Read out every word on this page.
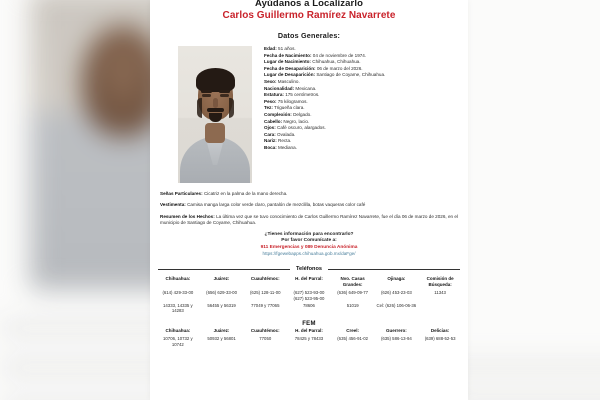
Ayúdanos a Localizarlo
Carlos Guillermo Ramírez Navarrete
Datos Generales:
Edad: 51 años.
Fecha de Nacimiento: 04 de noviembre de 1974.
Lugar de Nacimiento: Chihuahua, Chihuahua.
Fecha de Desaparición: 06 de marzo del 2026.
Lugar de Desaparición: Santiago de Coyame, Chihuahua.
Sexo: Masculino.
Nacionalidad: Mexicana.
Estatura: 175 centímetros.
Peso: 75 kilogramos.
Tez: Trigueña clara.
Complexión: Delgado.
Cabello: Negro, lacio.
Ojos: Café oscuro, alargados.
Cara: Ovalada.
Nariz: Recta.
Boca: Mediana.

Señas Particulares: Cicatriz en la palma de la mano derecha.

Vestimenta: Camisa manga larga color verde claro, pantalón de mezclilla, botas vaqueras color café

Resumen de los Hechos: La última vez que se tuvo conocimiento de Carlos Guillermo Ramírez Navarrete, fue el día 06 de marzo de 2026, en el municipio de Santiago de Coyame, Chihuahua.

¿Tienes información para encontrarlo?
Por favor Comunícate a:
911 Emergencias y 089 Denuncia Anónima
https://fgewebapps.chihuahua.gob.mx/daFge/
Teléfonos
Chihuahua:	Juárez:	Cuauhtémoc:	H. del Parral:	Nvo. Casas Grandes:	Ojinaga:	Comisión de Búsqueda:
(614) 429-33-00	(656) 629-33-00	(625) 128-11-00	(627) 523-93-00 (627) 523-95-00	(636) 649-09-77	(626) 453-23-03	11343
14333, 14335 y 14283	56455 y 56319	77049 y 77065	78606	51019	Cel: (626) 106-06-36	
FEM
Chihuahua:	Juárez:	Cuauhtémoc:	H. del Parral:	Creel:	Guerrero:	Delicias:
10706, 10732 y 10742	50932 y 56801	77050	78425 y 78433	(635) 456-91-02	(635) 586-13-94	(639) 688-52-53
